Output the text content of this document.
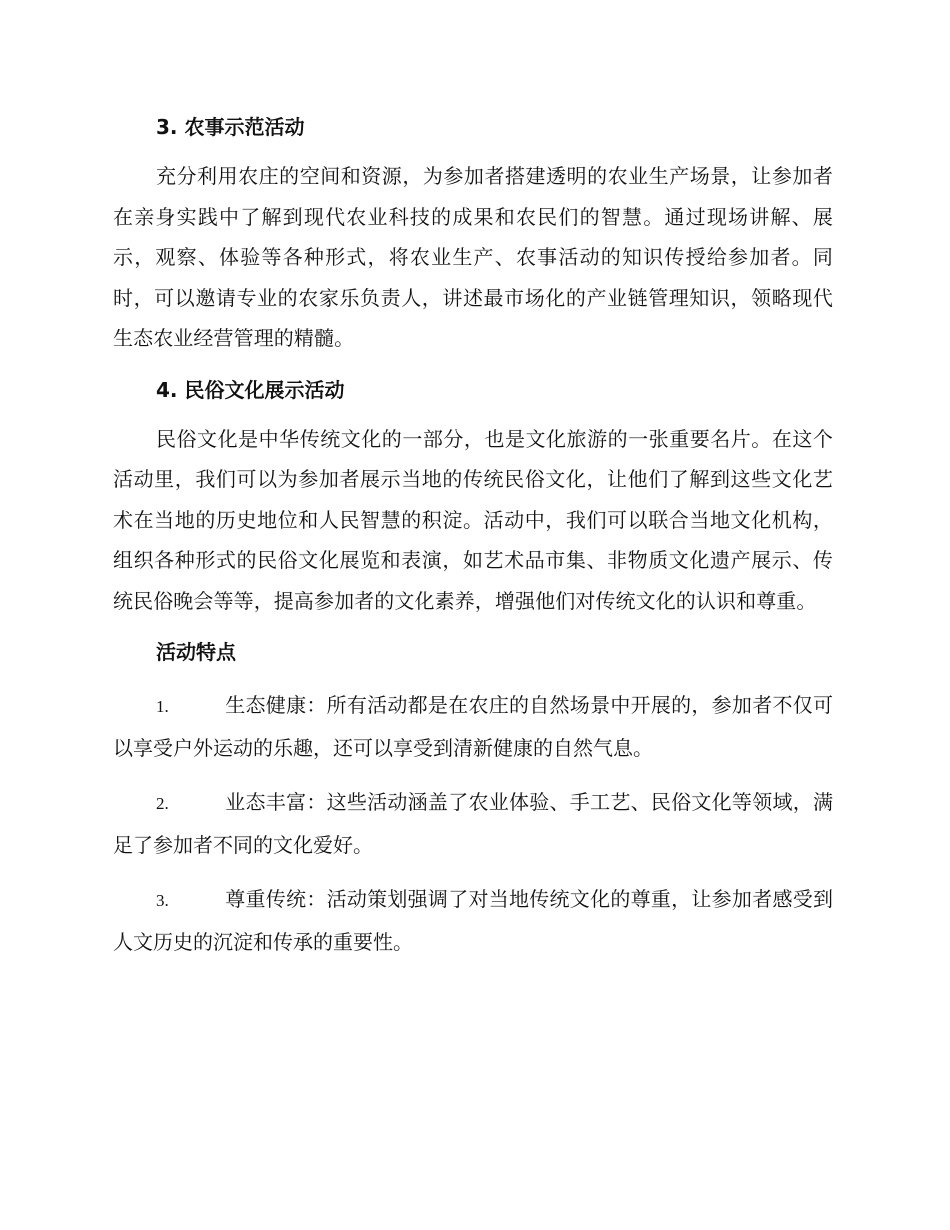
3. 农事示范活动

充分利用农庄的空间和资源，为参加者搭建透明的农业生产场景，让参加者在亲身实践中了解到现代农业科技的成果和农民们的智慧。通过现场讲解、展示，观察、体验等各种形式，将农业生产、农事活动的知识传授给参加者。同时，可以邀请专业的农家乐负责人，讲述最市场化的产业链管理知识，领略现代生态农业经营管理的精髓。

4. 民俗文化展示活动

民俗文化是中华传统文化的一部分，也是文化旅游的一张重要名片。在这个活动里，我们可以为参加者展示当地的传统民俗文化，让他们了解到这些文化艺术在当地的历史地位和人民智慧的积淀。活动中，我们可以联合当地文化机构，组织各种形式的民俗文化展览和表演，如艺术品市集、非物质文化遗产展示、传统民俗晚会等等，提高参加者的文化素养，增强他们对传统文化的认识和尊重。

活动特点
1.	生态健康：所有活动都是在农庄的自然场景中开展的，参加者不仅可以享受户外运动的乐趣，还可以享受到清新健康的自然气息。
2.	业态丰富：这些活动涵盖了农业体验、手工艺、民俗文化等领域，满足了参加者不同的文化爱好。
3.	尊重传统：活动策划强调了对当地传统文化的尊重，让参加者感受到人文历史的沉淀和传承的重要性。
